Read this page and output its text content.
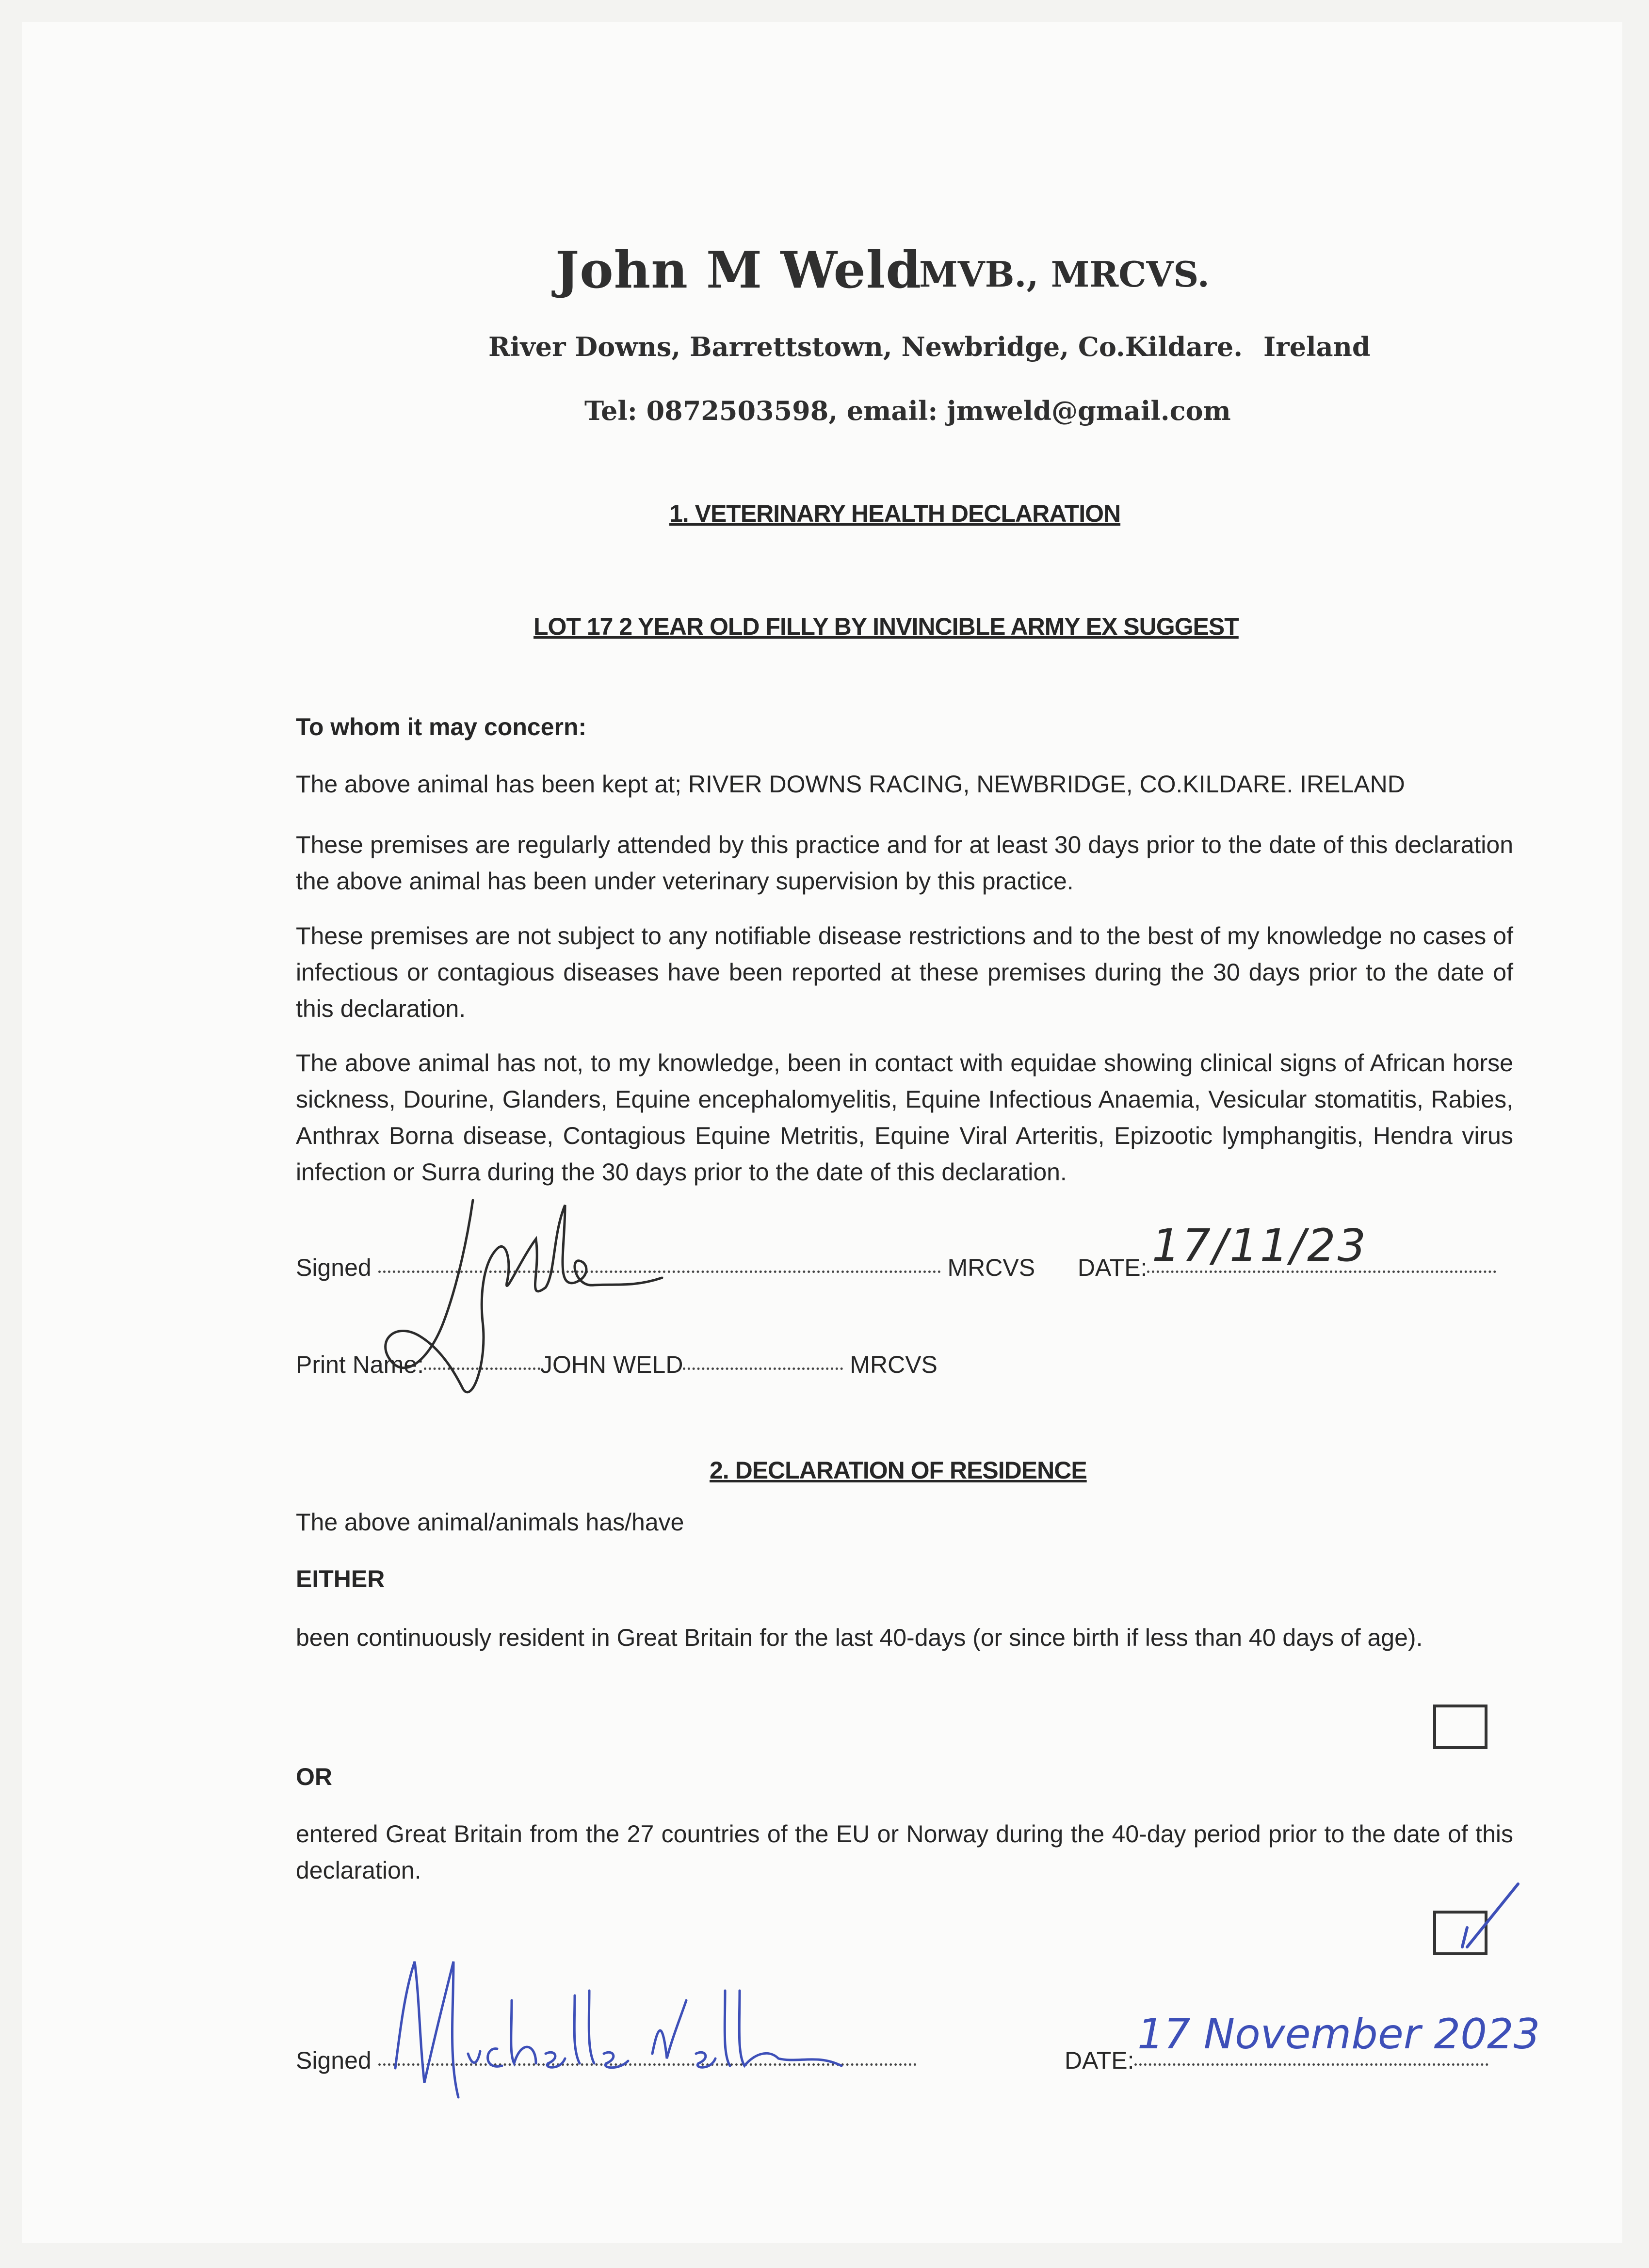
John M Weld
MVB., MRCVS.
River Downs, Barrettstown, Newbridge, Co.Kildare. Ireland
Tel: 0872503598, email: jmweld@gmail.com
1. VETERINARY HEALTH DECLARATION
LOT 17 2 YEAR OLD FILLY BY INVINCIBLE ARMY EX SUGGEST
To whom it may concern:
The above animal has been kept at; RIVER DOWNS RACING, NEWBRIDGE, CO.KILDARE. IRELAND
These premises are regularly attended by this practice and for at least 30 days prior to the date of this declaration the above animal has been under veterinary supervision by this practice.
These premises are not subject to any notifiable disease restrictions and to the best of my knowledge no cases of infectious or contagious diseases have been reported at these premises during the 30 days prior to the date of this declaration.
The above animal has not, to my knowledge, been in contact with equidae showing clinical signs of African horse sickness, Dourine, Glanders, Equine encephalomyelitis, Equine Infectious Anaemia, Vesicular stomatitis, Rabies, Anthrax Borna disease, Contagious Equine Metritis, Equine Viral Arteritis, Epizootic lymphangitis, Hendra virus infection or Surra during the 30 days prior to the date of this declaration.
Signed	MRCVS DATE: 17/11/23
Print Name:	JOHN WELD	MRCVS
2. DECLARATION OF RESIDENCE
The above animal/animals has/have
EITHER
been continuously resident in Great Britain for the last 40-days (or since birth if less than 40 days of age).
OR
entered Great Britain from the 27 countries of the EU or Norway during the 40-day period prior to the date of this declaration.
Signed	DATE:
17 November 2023
